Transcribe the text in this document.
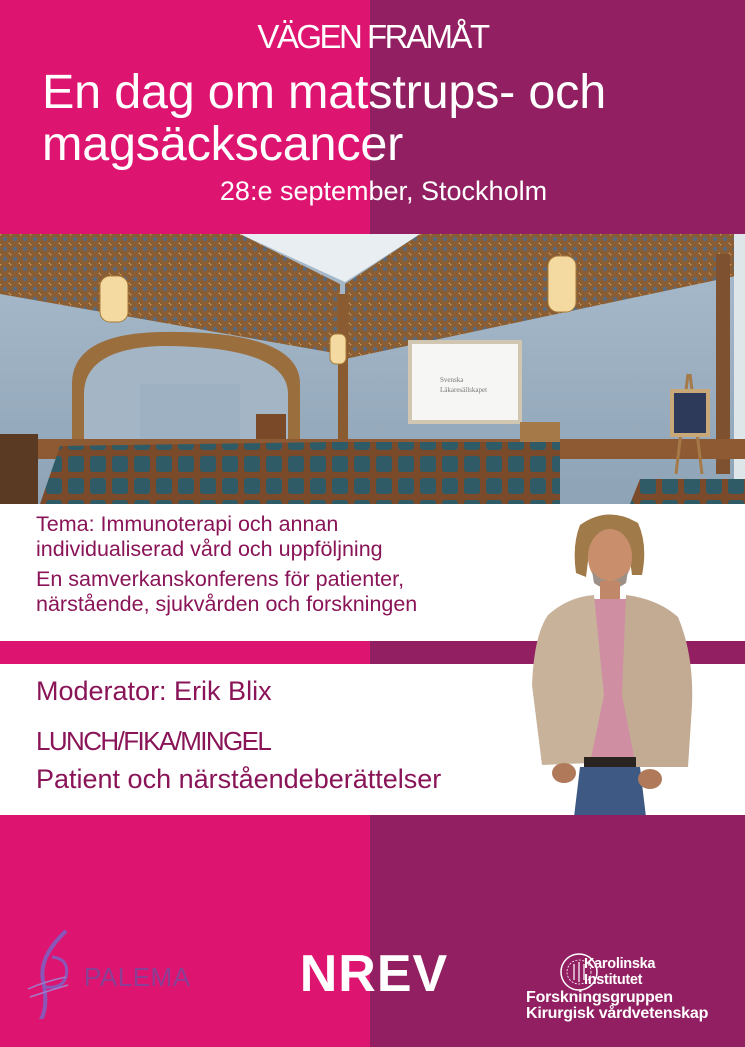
VÄGEN FRAMÅT
En dag om matstrups- och
magsäckscancer
28:e september, Stockholm
Svenska
Läkaresällskapet
Tema: Immunoterapi och annan
individualiserad vård och uppföljning
En samverkanskonferens för patienter,
närstående, sjukvården och forskningen
Moderator: Erik Blix
LUNCH/FIKA/MINGEL
Patient och närståendeberättelser
PALEMA	NREV	Karolinska
Institutet
Forskningsgruppen
Kirurgisk vårdvetenskap
